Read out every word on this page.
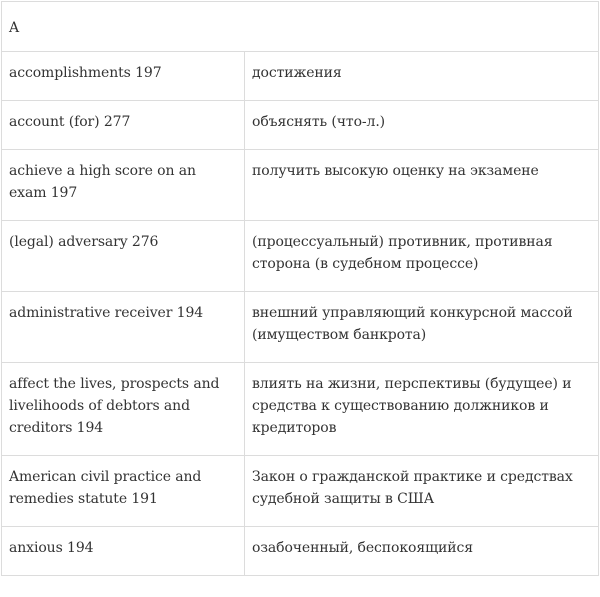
A	
accomplishments 197	достижения
account (for) 277	объяснять (что-л.)
achieve a high score on an exam 197	получить высокую оценку на экзамене
(legal) adversary 276	(процессуальный) противник, противная сторона (в судебном процессе)
administrative receiver 194	внешний управляющий конкурсной массой (имуществом банкрота)
affect the lives, prospects and livelihoods of debtors and creditors 194	влиять на жизни, перспективы (будущее) и средства к существованию должников и кредиторов
American civil practice and remedies statute 191	Закон о гражданской практике и средствах судебной защиты в США
anxious 194	озабоченный, беспокоящийся
